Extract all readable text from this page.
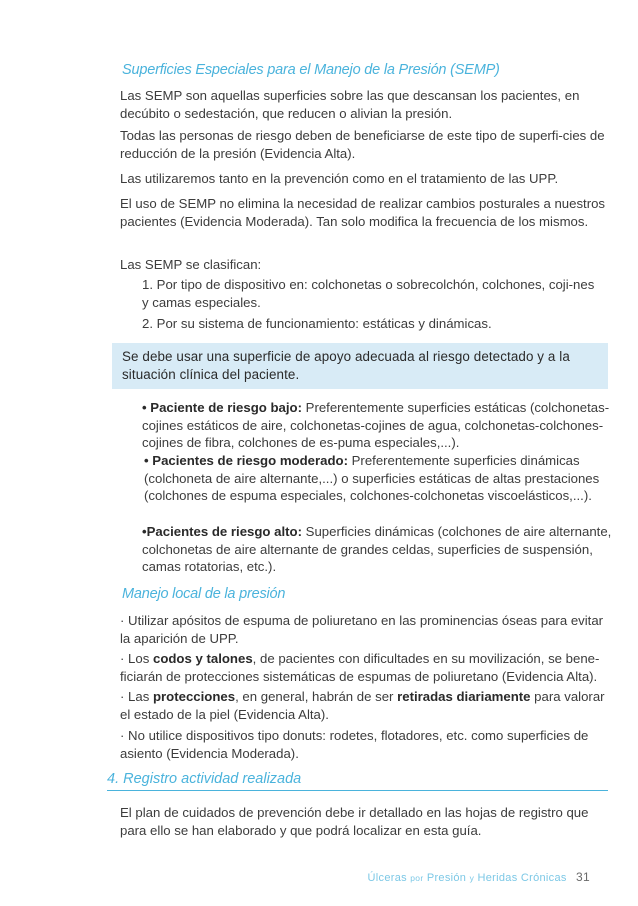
Superficies Especiales para el Manejo de la Presión (SEMP)
Las SEMP son aquellas superficies sobre las que descansan los pacientes, en decúbito o sedestación, que reducen o alivian la presión.
Todas las personas de riesgo deben de beneficiarse de este tipo de superfi-cies de reducción de la presión (Evidencia Alta).
Las utilizaremos tanto en la prevención como en el tratamiento de las UPP.
El uso de SEMP no elimina la necesidad de realizar cambios posturales a nuestros pacientes (Evidencia Moderada). Tan solo modifica la frecuencia de los mismos.
Las SEMP se clasifican:
1. Por tipo de dispositivo en: colchonetas o sobrecolchón, colchones, coji-nes y camas especiales.
2. Por su sistema de funcionamiento: estáticas y dinámicas.
Se debe usar una superficie de apoyo adecuada al riesgo detectado y a la situación clínica del paciente.
• Paciente de riesgo bajo: Preferentemente superficies estáticas (colchonetas-cojines estáticos de aire, colchonetas-cojines de agua, colchonetas-colchones-cojines de fibra, colchones de es-puma especiales,...).
• Pacientes de riesgo moderado: Preferentemente superficies dinámicas (colchoneta de aire alternante,...) o superficies estáticas de altas prestaciones (colchones de espuma especiales, colchones-colchonetas viscoelásticos,...).
•Pacientes de riesgo alto: Superficies dinámicas (colchones de aire alternante, colchonetas de aire alternante de grandes celdas, superficies de suspensión, camas rotatorias, etc.).
Manejo local de la presión
· Utilizar apósitos de espuma de poliuretano en las prominencias óseas para evitar la aparición de UPP.
· Los codos y talones, de pacientes con dificultades en su movilización, se bene-ficiarán de protecciones sistemáticas de espumas de poliuretano (Evidencia Alta).
· Las protecciones, en general, habrán de ser retiradas diariamente para valorar el estado de la piel (Evidencia Alta).
· No utilice dispositivos tipo donuts: rodetes, flotadores, etc. como superficies de asiento (Evidencia Moderada).
4. Registro actividad realizada
El plan de cuidados de prevención debe ir detallado en las hojas de registro que para ello se han elaborado y que podrá localizar en esta guía.
Úlceras por Presión y Heridas Crónicas 31
